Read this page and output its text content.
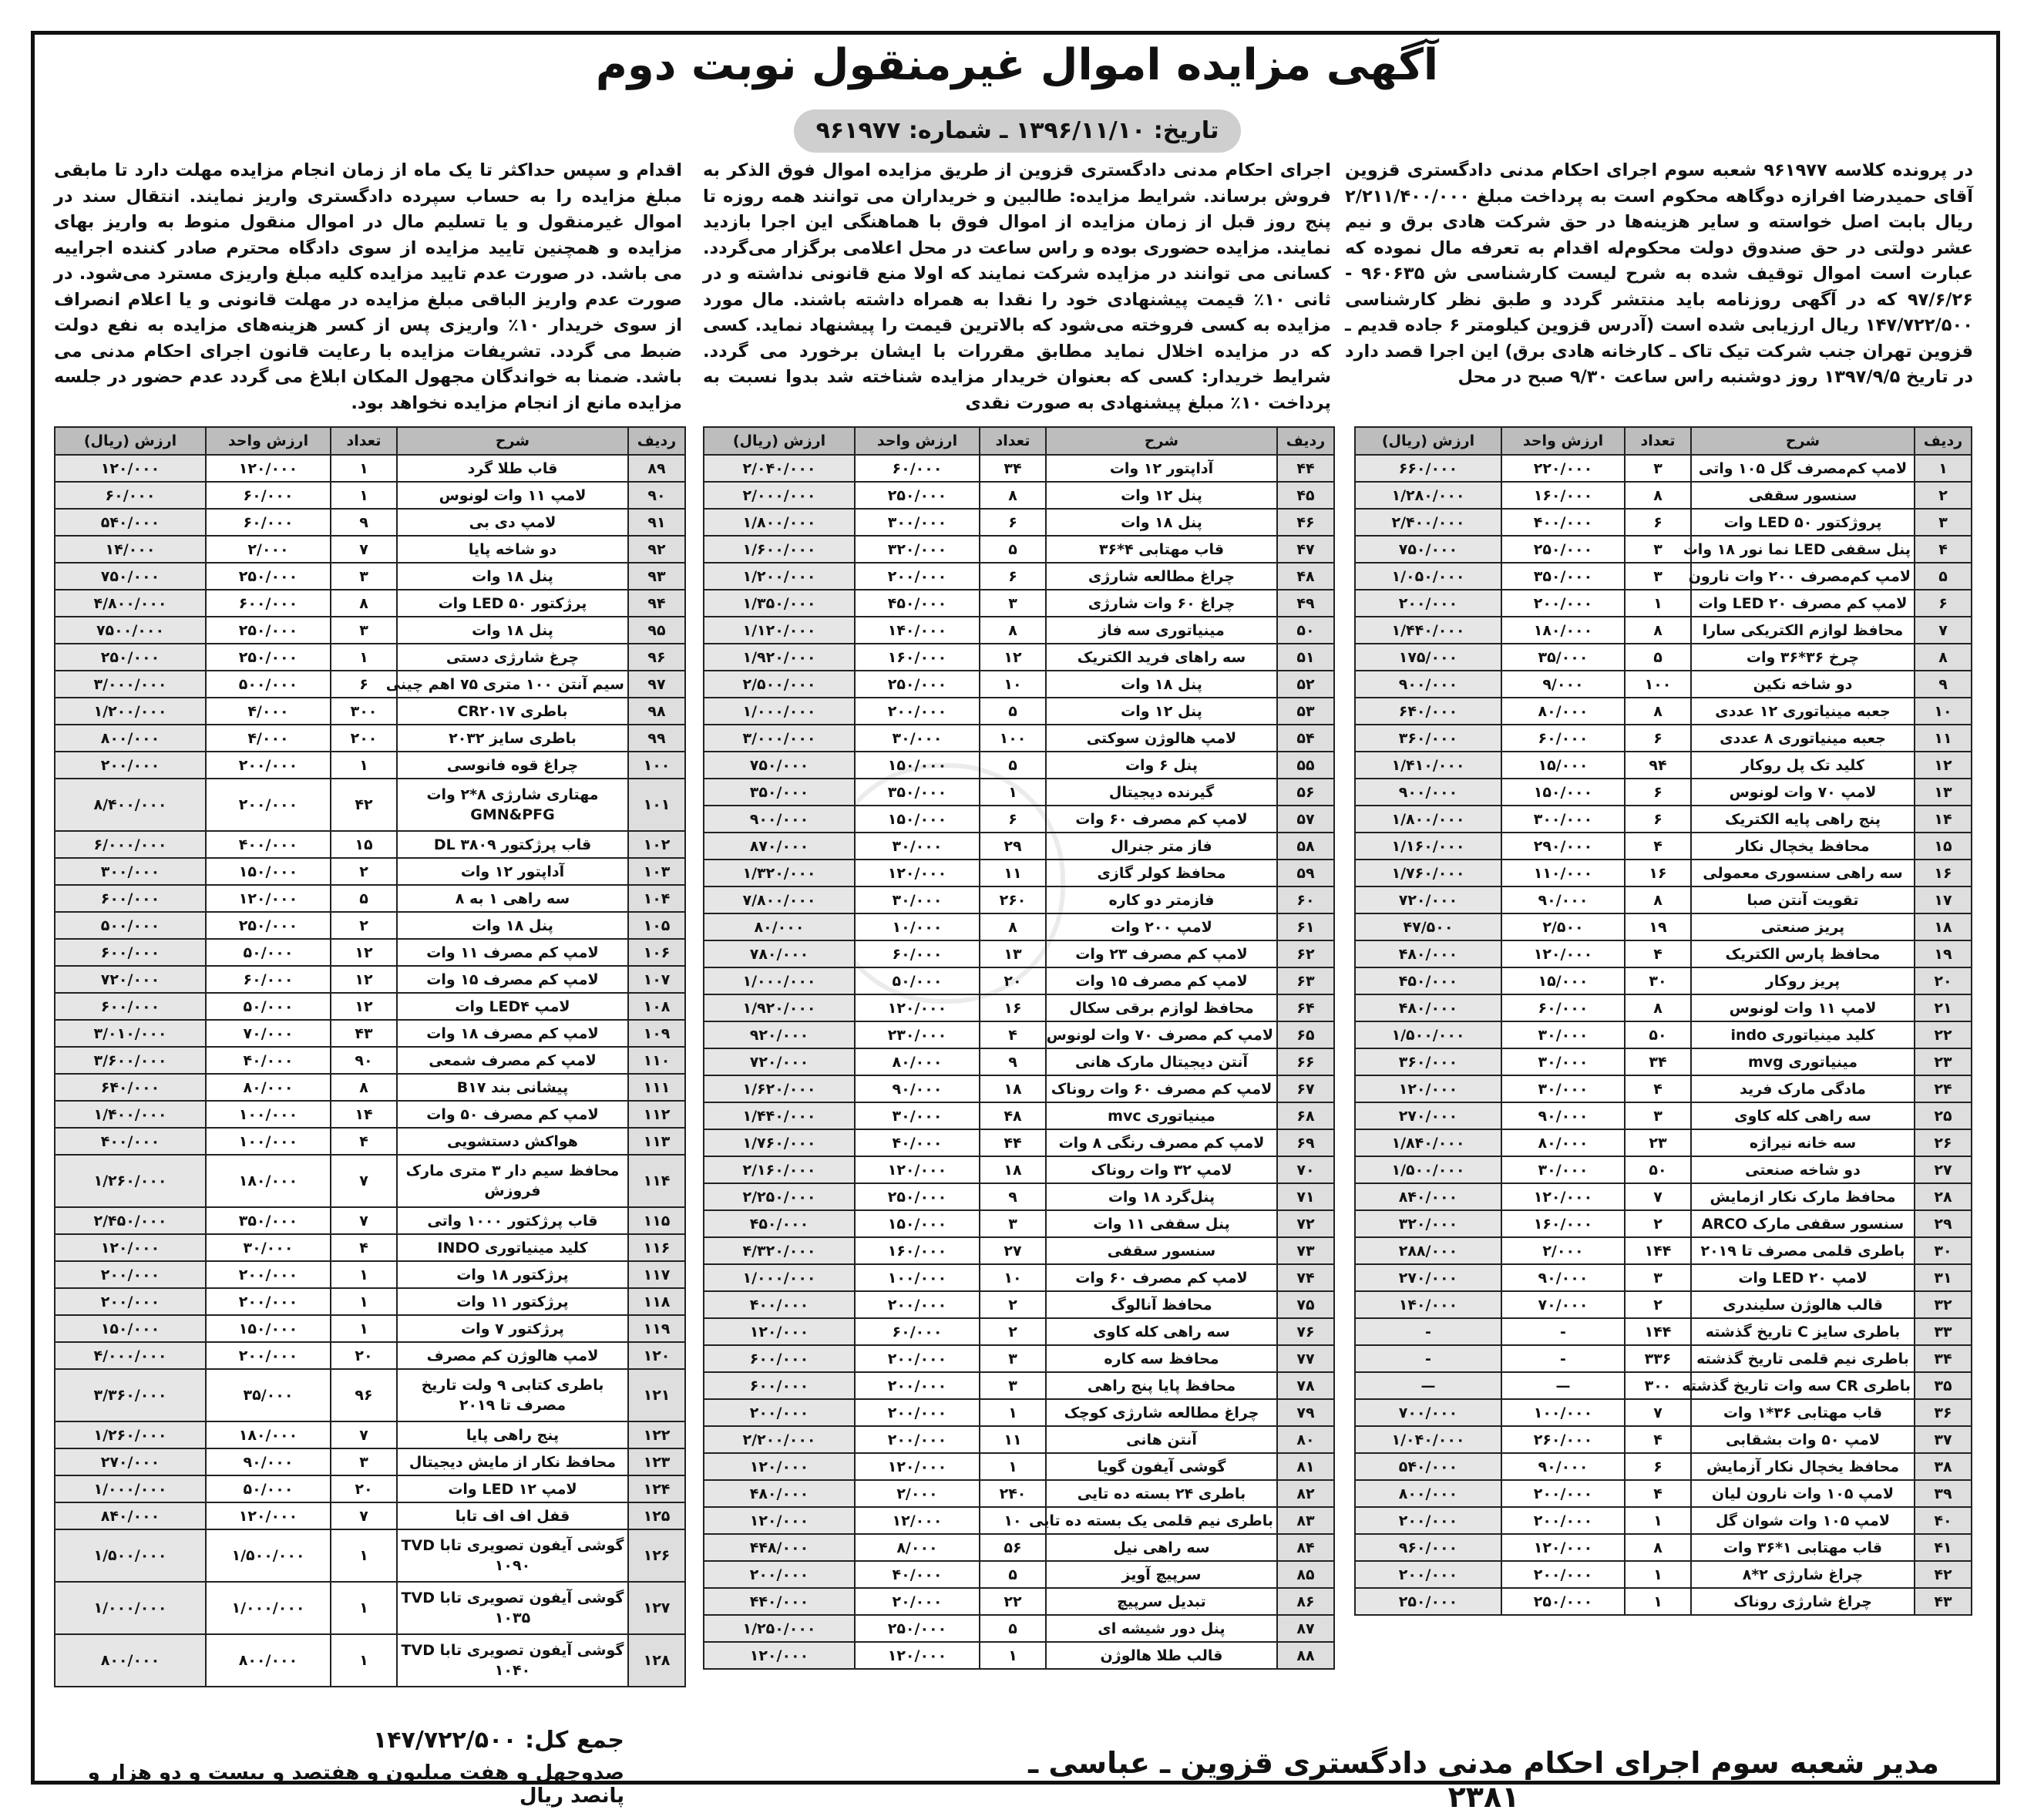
آگهی مزایده اموال غیرمنقول نوبت دوم
تاریخ: ۱۳۹۶/۱۱/۱۰ ـ شماره: ۹۶۱۹۷۷
در پرونده کلاسه ۹۶۱۹۷۷ شعبه سوم اجرای احکام مدنی دادگستری قزوین آقای حمیدرضا افرازه دوگاهه محکوم است به پرداخت مبلغ ۲/۲۱۱/۴۰۰/۰۰۰ ریال بابت اصل خواسته و سایر هزینه‌ها در حق شرکت هادی برق و نیم عشر دولتی در حق صندوق دولت محکوم‌له اقدام به تعرفه مال نموده که عبارت است اموال توقیف شده به شرح لیست کارشناسی ش ۹۶۰۶۳۵ - ۹۷/۶/۲۶ که در آگهی روزنامه باید منتشر گردد و طبق نظر کارشناسی ۱۴۷/۷۲۲/۵۰۰ ریال ارزیابی شده است (آدرس قزوین کیلومتر ۶ جاده قدیم ـ قزوین تهران جنب شرکت تیک تاک ـ کارخانه هادی برق) این اجرا قصد دارد در تاریخ ۱۳۹۷/۹/۵ روز دوشنبه راس ساعت ۹/۳۰ صبح در محل
اجرای احکام مدنی دادگستری قزوین از طریق مزایده اموال فوق الذکر به فروش برساند. شرایط مزایده: طالبین و خریداران می توانند همه روزه تا پنج روز قبل از زمان مزایده از اموال فوق با هماهنگی این اجرا بازدید نمایند. مزایده حضوری بوده و راس ساعت در محل اعلامی برگزار می‌گردد. کسانی می توانند در مزایده شرکت نمایند که اولا منع قانونی نداشته و در ثانی ۱۰٪ قیمت پیشنهادی خود را نقدا به همراه داشته باشند. مال مورد مزایده به کسی فروخته می‌شود که بالاترین قیمت را پیشنهاد نماید. کسی که در مزایده اخلال نماید مطابق مقررات با ایشان برخورد می گردد. شرایط خریدار: کسی که بعنوان خریدار مزایده شناخته شد بدوا نسبت به پرداخت ۱۰٪ مبلغ پیشنهادی به صورت نقدی
اقدام و سپس حداکثر تا یک ماه از زمان انجام مزایده مهلت دارد تا مابقی مبلغ مزایده را به حساب سپرده دادگستری واریز نمایند. انتقال سند در اموال غیرمنقول و یا تسلیم مال در اموال منقول منوط به واریز بهای مزایده و همچنین تایید مزایده از سوی دادگاه محترم صادر کننده اجراییه می باشد. در صورت عدم تایید مزایده کلیه مبلغ واریزی مسترد می‌شود. در صورت عدم واریز الباقی مبلغ مزایده در مهلت قانونی و یا اعلام انصراف از سوی خریدار ۱۰٪ واریزی پس از کسر هزینه‌های مزایده به نفع دولت ضبط می گردد. تشریفات مزایده با رعایت قانون اجرای احکام مدنی می باشد. ضمنا به خواندگان مجهول المکان ابلاغ می گردد عدم حضور در جلسه مزایده مانع از انجام مزایده نخواهد بود.
ردیف	شرح	تعداد	ارزش واحد	ارزش (ریال)
۱	لامپ کم‌مصرف گل ۱۰۵ واتی	۳	۲۲۰/۰۰۰	۶۶۰/۰۰۰
۲	سنسور سقفی	۸	۱۶۰/۰۰۰	۱/۲۸۰/۰۰۰
۳	پروژکتور LED ۵۰ وات	۶	۴۰۰/۰۰۰	۲/۴۰۰/۰۰۰
۴	پنل سقفی LED نما نور ۱۸ وات	۳	۲۵۰/۰۰۰	۷۵۰/۰۰۰
۵	لامپ کم‌مصرف ۲۰۰ وات نارون	۳	۳۵۰/۰۰۰	۱/۰۵۰/۰۰۰
۶	لامپ کم مصرف LED ۲۰ وات	۱	۲۰۰/۰۰۰	۲۰۰/۰۰۰
۷	محافظ لوازم الکتریکی سارا	۸	۱۸۰/۰۰۰	۱/۴۴۰/۰۰۰
۸	چرخ ۳۶*۳۶ وات	۵	۳۵/۰۰۰	۱۷۵/۰۰۰
۹	دو شاخه نکین	۱۰۰	۹/۰۰۰	۹۰۰/۰۰۰
۱۰	جعبه مینیاتوری ۱۲ عددی	۸	۸۰/۰۰۰	۶۴۰/۰۰۰
۱۱	جعبه مینیاتوری ۸ عددی	۶	۶۰/۰۰۰	۳۶۰/۰۰۰
۱۲	کلید تک پل روکار	۹۴	۱۵/۰۰۰	۱/۴۱۰/۰۰۰
۱۳	لامپ ۷۰ وات لونوس	۶	۱۵۰/۰۰۰	۹۰۰/۰۰۰
۱۴	پنج راهی پایه الکتریک	۶	۳۰۰/۰۰۰	۱/۸۰۰/۰۰۰
۱۵	محافظ یخچال نکار	۴	۲۹۰/۰۰۰	۱/۱۶۰/۰۰۰
۱۶	سه راهی سنسوری معمولی	۱۶	۱۱۰/۰۰۰	۱/۷۶۰/۰۰۰
۱۷	تقویت آنتن صبا	۸	۹۰/۰۰۰	۷۲۰/۰۰۰
۱۸	پریز صنعتی	۱۹	۲/۵۰۰	۴۷/۵۰۰
۱۹	محافظ پارس الکتریک	۴	۱۲۰/۰۰۰	۴۸۰/۰۰۰
۲۰	پریز روکار	۳۰	۱۵/۰۰۰	۴۵۰/۰۰۰
۲۱	لامپ ۱۱ وات لونوس	۸	۶۰/۰۰۰	۴۸۰/۰۰۰
۲۲	کلید مینیاتوری indo	۵۰	۳۰/۰۰۰	۱/۵۰۰/۰۰۰
۲۳	مینیاتوری mvg	۳۴	۳۰/۰۰۰	۳۶۰/۰۰۰
۲۴	مادگی مارک فرید	۴	۳۰/۰۰۰	۱۲۰/۰۰۰
۲۵	سه راهی کله کاوی	۳	۹۰/۰۰۰	۲۷۰/۰۰۰
۲۶	سه خانه نیراژه	۲۳	۸۰/۰۰۰	۱/۸۴۰/۰۰۰
۲۷	دو شاخه صنعتی	۵۰	۳۰/۰۰۰	۱/۵۰۰/۰۰۰
۲۸	محافظ مارک نکار ازمایش	۷	۱۲۰/۰۰۰	۸۴۰/۰۰۰
۲۹	سنسور سقفی مارک ARCO	۲	۱۶۰/۰۰۰	۳۲۰/۰۰۰
۳۰	باطری قلمی مصرف تا ۲۰۱۹	۱۴۴	۲/۰۰۰	۲۸۸/۰۰۰
۳۱	لامپ LED ۲۰ وات	۳	۹۰/۰۰۰	۲۷۰/۰۰۰
۳۲	قالب هالوژن سلیندری	۲	۷۰/۰۰۰	۱۴۰/۰۰۰
۳۳	باطری سایز C تاریخ گذشته	۱۴۴	-	-
۳۴	باطری نیم قلمی تاریخ گذشته	۳۳۶	-	-
۳۵	باطری CR سه وات تاریخ گذشته	۳۰۰	—	—
۳۶	قاب مهتابی ۳۶*۱ وات	۷	۱۰۰/۰۰۰	۷۰۰/۰۰۰
۳۷	لامپ ۵۰ وات بشقابی	۴	۲۶۰/۰۰۰	۱/۰۴۰/۰۰۰
۳۸	محافظ یخچال نکار آزمایش	۶	۹۰/۰۰۰	۵۴۰/۰۰۰
۳۹	لامپ ۱۰۵ وات نارون لیان	۴	۲۰۰/۰۰۰	۸۰۰/۰۰۰
۴۰	لامپ ۱۰۵ وات شوان گل	۱	۲۰۰/۰۰۰	۲۰۰/۰۰۰
۴۱	قاب مهتابی ۱*۳۶ وات	۸	۱۲۰/۰۰۰	۹۶۰/۰۰۰
۴۲	چراغ شارژی ۲*۸	۱	۲۰۰/۰۰۰	۲۰۰/۰۰۰
۴۳	چراغ شارژی روناک	۱	۲۵۰/۰۰۰	۲۵۰/۰۰۰
ردیف	شرح	تعداد	ارزش واحد	ارزش (ریال)
۴۴	آداپتور ۱۲ وات	۳۴	۶۰/۰۰۰	۲/۰۴۰/۰۰۰
۴۵	پنل ۱۲ وات	۸	۲۵۰/۰۰۰	۲/۰۰۰/۰۰۰
۴۶	پنل ۱۸ وات	۶	۳۰۰/۰۰۰	۱/۸۰۰/۰۰۰
۴۷	قاب مهتابی ۴*۳۶	۵	۳۲۰/۰۰۰	۱/۶۰۰/۰۰۰
۴۸	چراغ مطالعه شارژی	۶	۲۰۰/۰۰۰	۱/۲۰۰/۰۰۰
۴۹	چراغ ۶۰ وات شارژی	۳	۴۵۰/۰۰۰	۱/۳۵۰/۰۰۰
۵۰	مینیاتوری سه فاز	۸	۱۴۰/۰۰۰	۱/۱۲۰/۰۰۰
۵۱	سه راهای فرید الکتریک	۱۲	۱۶۰/۰۰۰	۱/۹۲۰/۰۰۰
۵۲	پنل ۱۸ وات	۱۰	۲۵۰/۰۰۰	۲/۵۰۰/۰۰۰
۵۳	پنل ۱۲ وات	۵	۲۰۰/۰۰۰	۱/۰۰۰/۰۰۰
۵۴	لامپ هالوژن سوکتی	۱۰۰	۳۰/۰۰۰	۳/۰۰۰/۰۰۰
۵۵	پنل ۶ وات	۵	۱۵۰/۰۰۰	۷۵۰/۰۰۰
۵۶	گیرنده دیجیتال	۱	۳۵۰/۰۰۰	۳۵۰/۰۰۰
۵۷	لامپ کم مصرف ۶۰ وات	۶	۱۵۰/۰۰۰	۹۰۰/۰۰۰
۵۸	فاز متر جنرال	۲۹	۳۰/۰۰۰	۸۷۰/۰۰۰
۵۹	محافظ کولر گازی	۱۱	۱۲۰/۰۰۰	۱/۳۲۰/۰۰۰
۶۰	فازمتر دو کاره	۲۶۰	۳۰/۰۰۰	۷/۸۰۰/۰۰۰
۶۱	لامپ ۲۰۰ وات	۸	۱۰/۰۰۰	۸۰/۰۰۰
۶۲	لامپ کم مصرف ۲۳ وات	۱۳	۶۰/۰۰۰	۷۸۰/۰۰۰
۶۳	لامپ کم مصرف ۱۵ وات	۲۰	۵۰/۰۰۰	۱/۰۰۰/۰۰۰
۶۴	محافظ لوازم برقی سکال	۱۶	۱۲۰/۰۰۰	۱/۹۲۰/۰۰۰
۶۵	لامپ کم مصرف ۷۰ وات لونوس	۴	۲۳۰/۰۰۰	۹۲۰/۰۰۰
۶۶	آنتن دیجیتال مارک هانی	۹	۸۰/۰۰۰	۷۲۰/۰۰۰
۶۷	لامپ کم مصرف ۶۰ وات روناک	۱۸	۹۰/۰۰۰	۱/۶۲۰/۰۰۰
۶۸	مینیاتوری mvc	۴۸	۳۰/۰۰۰	۱/۴۴۰/۰۰۰
۶۹	لامپ کم مصرف رنگی ۸ وات	۴۴	۴۰/۰۰۰	۱/۷۶۰/۰۰۰
۷۰	لامپ ۳۲ وات روناک	۱۸	۱۲۰/۰۰۰	۲/۱۶۰/۰۰۰
۷۱	پنل‌گرد ۱۸ وات	۹	۲۵۰/۰۰۰	۲/۲۵۰/۰۰۰
۷۲	پنل سقفی ۱۱ وات	۳	۱۵۰/۰۰۰	۴۵۰/۰۰۰
۷۳	سنسور سقفی	۲۷	۱۶۰/۰۰۰	۴/۳۲۰/۰۰۰
۷۴	لامپ کم مصرف ۶۰ وات	۱۰	۱۰۰/۰۰۰	۱/۰۰۰/۰۰۰
۷۵	محافظ آنالوگ	۲	۲۰۰/۰۰۰	۴۰۰/۰۰۰
۷۶	سه راهی کله کاوی	۲	۶۰/۰۰۰	۱۲۰/۰۰۰
۷۷	محافظ سه کاره	۳	۲۰۰/۰۰۰	۶۰۰/۰۰۰
۷۸	محافظ پایا پنج راهی	۳	۲۰۰/۰۰۰	۶۰۰/۰۰۰
۷۹	چراغ مطالعه شارژی کوچک	۱	۲۰۰/۰۰۰	۲۰۰/۰۰۰
۸۰	آنتن هانی	۱۱	۲۰۰/۰۰۰	۲/۲۰۰/۰۰۰
۸۱	گوشی آیفون گویا	۱	۱۲۰/۰۰۰	۱۲۰/۰۰۰
۸۲	باطری ۲۴ بسته ده تایی	۲۴۰	۲/۰۰۰	۴۸۰/۰۰۰
۸۳	باطری نیم قلمی یک بسته ده تایی	۱۰	۱۲/۰۰۰	۱۲۰/۰۰۰
۸۴	سه راهی نیل	۵۶	۸/۰۰۰	۴۴۸/۰۰۰
۸۵	سرپیچ آویز	۵	۴۰/۰۰۰	۲۰۰/۰۰۰
۸۶	تبدیل سرپیچ	۲۲	۲۰/۰۰۰	۴۴۰/۰۰۰
۸۷	پنل دور شیشه ای	۵	۲۵۰/۰۰۰	۱/۲۵۰/۰۰۰
۸۸	قالب طلا هالوژن	۱	۱۲۰/۰۰۰	۱۲۰/۰۰۰
ردیف	شرح	تعداد	ارزش واحد	ارزش (ریال)
۸۹	قاب طلا گرد	۱	۱۲۰/۰۰۰	۱۲۰/۰۰۰
۹۰	لامپ ۱۱ وات لونوس	۱	۶۰/۰۰۰	۶۰/۰۰۰
۹۱	لامپ دی بی	۹	۶۰/۰۰۰	۵۴۰/۰۰۰
۹۲	دو شاخه پایا	۷	۲/۰۰۰	۱۴/۰۰۰
۹۳	پنل ۱۸ وات	۳	۲۵۰/۰۰۰	۷۵۰/۰۰۰
۹۴	پرژکتور LED ۵۰ وات	۸	۶۰۰/۰۰۰	۴/۸۰۰/۰۰۰
۹۵	پنل ۱۸ وات	۳	۲۵۰/۰۰۰	۷۵۰۰/۰۰۰
۹۶	چرغ شارژی دستی	۱	۲۵۰/۰۰۰	۲۵۰/۰۰۰
۹۷	سیم آنتن ۱۰۰ متری ۷۵ اهم چینی	۶	۵۰۰/۰۰۰	۳/۰۰۰/۰۰۰
۹۸	باطری CR۲۰۱۷	۳۰۰	۴/۰۰۰	۱/۲۰۰/۰۰۰
۹۹	باطری سایز ۲۰۳۲	۲۰۰	۴/۰۰۰	۸۰۰/۰۰۰
۱۰۰	چراغ قوه فانوسی	۱	۲۰۰/۰۰۰	۲۰۰/۰۰۰
۱۰۱	مهتاری شارژی ۸*۲ وات GMN&PFG	۴۲	۲۰۰/۰۰۰	۸/۴۰۰/۰۰۰
۱۰۲	قاب پرژکتور DL ۳۸۰۹	۱۵	۴۰۰/۰۰۰	۶/۰۰۰/۰۰۰
۱۰۳	آداپتور ۱۲ وات	۲	۱۵۰/۰۰۰	۳۰۰/۰۰۰
۱۰۴	سه راهی ۱ به ۸	۵	۱۲۰/۰۰۰	۶۰۰/۰۰۰
۱۰۵	پنل ۱۸ وات	۲	۲۵۰/۰۰۰	۵۰۰/۰۰۰
۱۰۶	لامپ کم مصرف ۱۱ وات	۱۲	۵۰/۰۰۰	۶۰۰/۰۰۰
۱۰۷	لامپ کم مصرف ۱۵ وات	۱۲	۶۰/۰۰۰	۷۲۰/۰۰۰
۱۰۸	لامپ LED۴ وات	۱۲	۵۰/۰۰۰	۶۰۰/۰۰۰
۱۰۹	لامپ کم مصرف ۱۸ وات	۴۳	۷۰/۰۰۰	۳/۰۱۰/۰۰۰
۱۱۰	لامپ کم مصرف شمعی	۹۰	۴۰/۰۰۰	۳/۶۰۰/۰۰۰
۱۱۱	پیشانی بند B۱۷	۸	۸۰/۰۰۰	۶۴۰/۰۰۰
۱۱۲	لامپ کم مصرف ۵۰ وات	۱۴	۱۰۰/۰۰۰	۱/۴۰۰/۰۰۰
۱۱۳	هواکش دستشویی	۴	۱۰۰/۰۰۰	۴۰۰/۰۰۰
۱۱۴	محافظ سیم دار ۳ متری مارک فروزش	۷	۱۸۰/۰۰۰	۱/۲۶۰/۰۰۰
۱۱۵	قاب پرژکتور ۱۰۰۰ واتی	۷	۳۵۰/۰۰۰	۲/۴۵۰/۰۰۰
۱۱۶	کلید مینیاتوری INDO	۴	۳۰/۰۰۰	۱۲۰/۰۰۰
۱۱۷	پرژکتور ۱۸ وات	۱	۲۰۰/۰۰۰	۲۰۰/۰۰۰
۱۱۸	پرژکتور ۱۱ وات	۱	۲۰۰/۰۰۰	۲۰۰/۰۰۰
۱۱۹	پرژکتور ۷ وات	۱	۱۵۰/۰۰۰	۱۵۰/۰۰۰
۱۲۰	لامپ هالوژن کم مصرف	۲۰	۲۰۰/۰۰۰	۴/۰۰۰/۰۰۰
۱۲۱	باطری کتابی ۹ ولت تاریخ مصرف تا ۲۰۱۹	۹۶	۳۵/۰۰۰	۳/۳۶۰/۰۰۰
۱۲۲	پنج راهی پایا	۷	۱۸۰/۰۰۰	۱/۲۶۰/۰۰۰
۱۲۳	محافظ نکار از مایش دیجیتال	۳	۹۰/۰۰۰	۲۷۰/۰۰۰
۱۲۴	لامپ LED ۱۲ وات	۲۰	۵۰/۰۰۰	۱/۰۰۰/۰۰۰
۱۲۵	قفل اف اف تابا	۷	۱۲۰/۰۰۰	۸۴۰/۰۰۰
۱۲۶	گوشی آیفون تصویری تابا TVD ۱۰۹۰	۱	۱/۵۰۰/۰۰۰	۱/۵۰۰/۰۰۰
۱۲۷	گوشی آیفون تصویری تابا TVD ۱۰۳۵	۱	۱/۰۰۰/۰۰۰	۱/۰۰۰/۰۰۰
۱۲۸	گوشی آیفون تصویری تابا TVD ۱۰۴۰	۱	۸۰۰/۰۰۰	۸۰۰/۰۰۰
جمع کل: ۱۴۷/۷۲۲/۵۰۰
صدوچهل و هفت میلیون و هفتصد و بیست و دو هزار و پانصد ریال
مدیر شعبه سوم اجرای احکام مدنی دادگستری قزوین ـ عباسی ـ ۲۳۸۱
